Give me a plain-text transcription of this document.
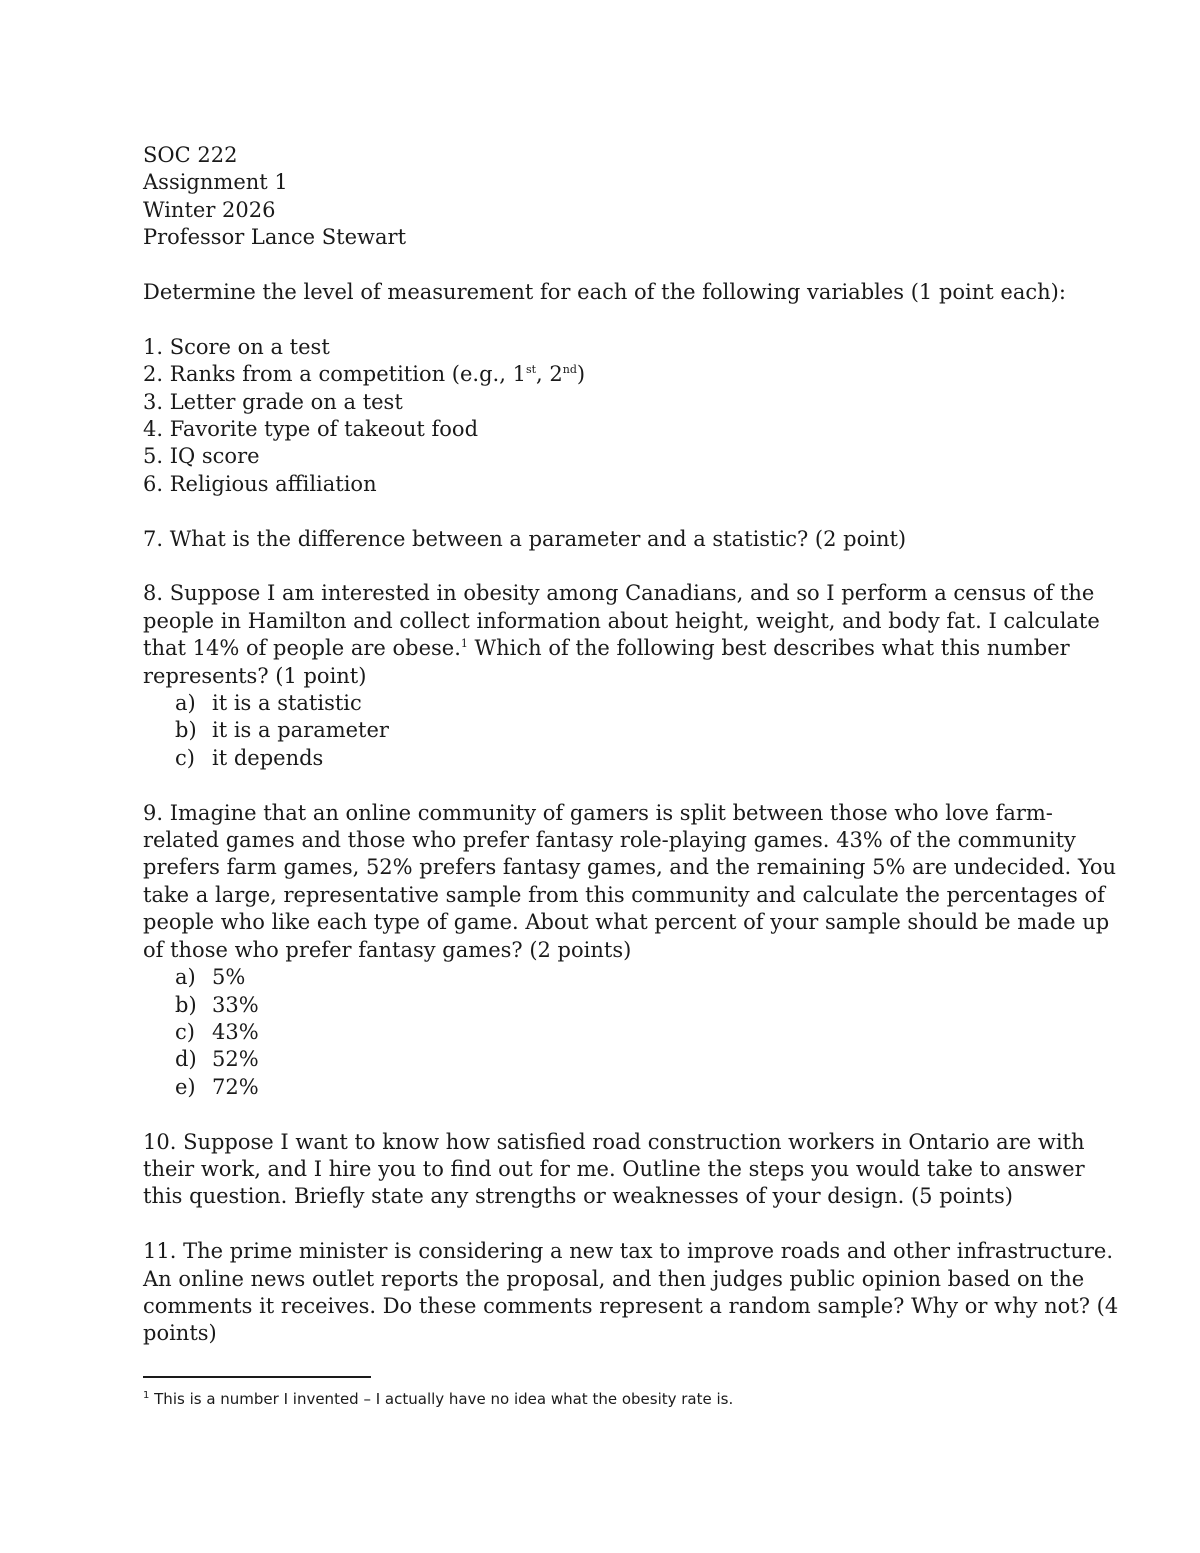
SOC 222
Assignment 1
Winter 2026
Professor Lance Stewart
Determine the level of measurement for each of the following variables (1 point each):
1. Score on a test
2. Ranks from a competition (e.g., 1st, 2nd)
3. Letter grade on a test
4. Favorite type of takeout food
5. IQ score
6. Religious affiliation
7. What is the difference between a parameter and a statistic? (2 point)
8. Suppose I am interested in obesity among Canadians, and so I perform a census of the
people in Hamilton and collect information about height, weight, and body fat. I calculate
that 14% of people are obese.$^1$ Which of the following best describes what this number
represents? (1 point)
a) it is a statistic
b) it is a parameter
c) it depends
9. Imagine that an online community of gamers is split between those who love farm-
related games and those who prefer fantasy role-playing games. 43% of the community
prefers farm games, 52% prefers fantasy games, and the remaining 5% are undecided. You
take a large, representative sample from this community and calculate the percentages of
people who like each type of game. About what percent of your sample should be made up
of those who prefer fantasy games? (2 points)
a) 5%
b) 33%
c) 43%
d) 52%
e) 72%
10. Suppose I want to know how satisfied road construction workers in Ontario are with
their work, and I hire you to find out for me. Outline the steps you would take to answer
this question. Briefly state any strengths or weaknesses of your design. (5 points)
11. The prime minister is considering a new tax to improve roads and other infrastructure.
An online news outlet reports the proposal, and then judges public opinion based on the
comments it receives. Do these comments represent a random sample? Why or why not? (4
points)
$^1$ This is a number I invented – I actually have no idea what the obesity rate is.
